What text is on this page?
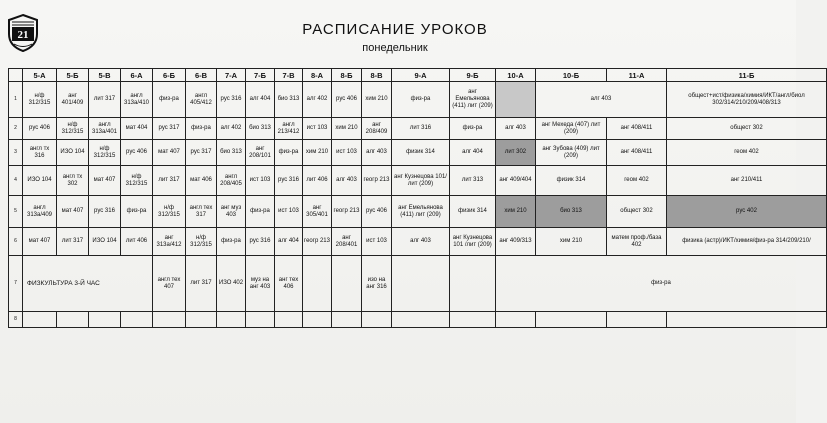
21	РАСПИСАНИЕ УРОКОВ
понедельник
	5-А	5-Б	5-В	6-А	6-Б	6-В	7-А	7-Б	7-В	8-А	8-Б	8-В	9-А	9-Б	10-А	10-Б	11-А	11-Б
1	н/ф 312/315	анг 401/409	лит 317	англ 313а/410	физ-ра	англ 405/412	рус 316	алг 404	био 313	алг 402	рус 406	хим 210	физ-ра	анг Емельянова (411) лит (209)		алг 403		общест+ист/физика/химия/ИКТ/англ/биол 302/314/210/209/408/313
2	рус 406	н/ф 312/315	англ 313а/401	мат 404	рус 317	физ-ра	алг 402	био 313	англ 213/412	ист 103	хим 210	анг 208/409	лит 316	физ-ра	алг 403	анг Мехеда (407) лит (209)	анг 408/411	общест 302
3	англ тх 316	ИЗО 104	н/ф 312/315	рус 406	мат 407	рус 317	био 313	анг 208/101	физ-ра	хим 210	ист 103	алг 403	физик 314	алг 404	лит 302	анг Зубова (409) лит (209)	анг 408/411	геом 402
4	ИЗО 104	англ тх 302	мат 407	н/ф 312/315	лит 317	мат 406	англ 208/405	ист 103	рус 316	лит 406	алг 403	геогр 213	анг Кузнецова 101/лит (209)	лит 313	анг 409/404	физик 314	геом 402	анг 210/411
5	англ 313а/409	мат 407	рус 316	физ-ра	н/ф 312/315	англ тех 317	анг муз 403	физ-ра	ист 103	анг 305/401	геогр 213	рус 406	анг Емельянова (411) лит (209)	физик 314	хим 210	био 313	общест 302	рус 402
6	мат 407	лит 317	ИЗО 104	лит 406	анг 313а/412	н/ф 312/315	физ-ра	рус 316	алг 404	геогр 213	анг 208/401	ист 103	алг 403	анг Кузнецова 101 /лит (209)	анг 409/313	хим 210	матем проф./база 402	физика (астр)/ИКТ/химия/физ-ра 314/209/210/
7	ФИЗКУЛЬТУРА 3-Й ЧАС				англ тех 407	лит 317	ИЗО 402	муз на анг 403	анг тех 406			изо на анг 316			физ-ра			
8																		
